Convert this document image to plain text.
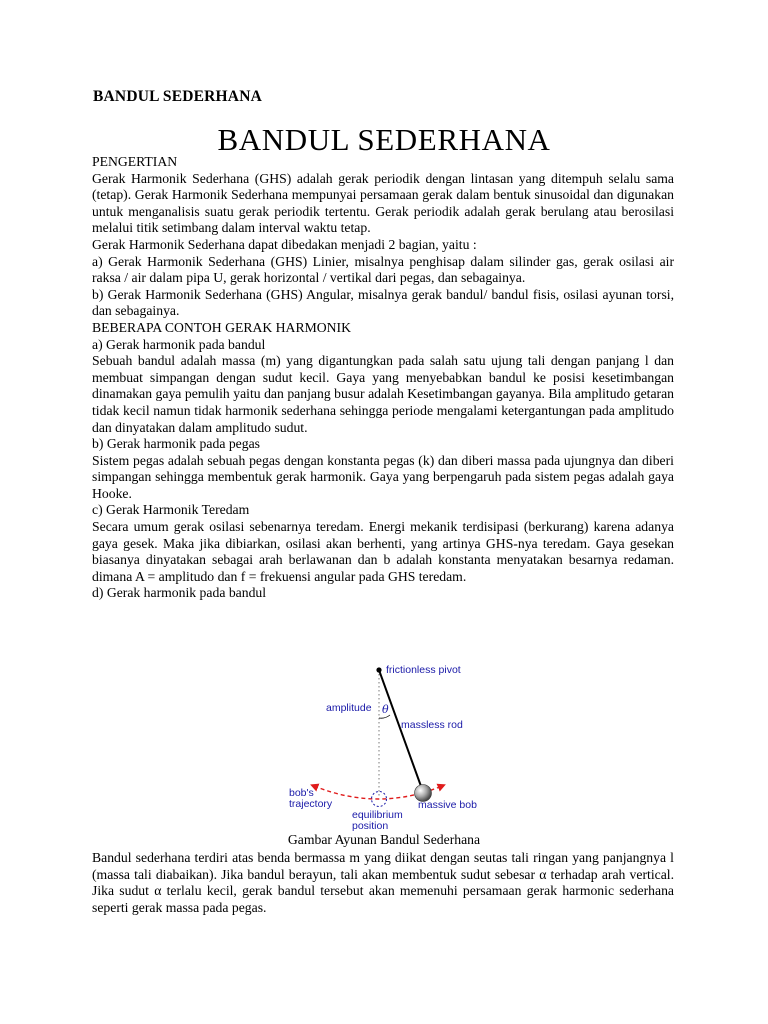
BANDUL SEDERHANA
BANDUL SEDERHANA

PENGERTIAN

Gerak Harmonik Sederhana (GHS) adalah gerak periodik dengan lintasan yang ditempuh selalu sama (tetap). Gerak Harmonik Sederhana mempunyai persamaan gerak dalam bentuk sinusoidal dan digunakan untuk menganalisis suatu gerak periodik tertentu. Gerak periodik adalah gerak berulang atau berosilasi melalui titik setimbang dalam interval waktu tetap.

Gerak Harmonik Sederhana dapat dibedakan menjadi 2 bagian, yaitu :

a) Gerak Harmonik Sederhana (GHS) Linier, misalnya penghisap dalam silinder gas, gerak osilasi air raksa / air dalam pipa U, gerak horizontal / vertikal dari pegas, dan sebagainya.

b) Gerak Harmonik Sederhana (GHS) Angular, misalnya gerak bandul/ bandul fisis, osilasi ayunan torsi, dan sebagainya.

BEBERAPA CONTOH GERAK HARMONIK

a) Gerak harmonik pada bandul

Sebuah bandul adalah massa (m) yang digantungkan pada salah satu ujung tali dengan panjang l dan membuat simpangan dengan sudut kecil. Gaya yang menyebabkan bandul ke posisi kesetimbangan dinamakan gaya pemulih yaitu dan panjang busur adalah Kesetimbangan gayanya. Bila amplitudo getaran tidak kecil namun tidak harmonik sederhana sehingga periode mengalami ketergantungan pada amplitudo dan dinyatakan dalam amplitudo sudut.

b) Gerak harmonik pada pegas

Sistem pegas adalah sebuah pegas dengan konstanta pegas (k) dan diberi massa pada ujungnya dan diberi simpangan sehingga membentuk gerak harmonik. Gaya yang berpengaruh pada sistem pegas adalah gaya Hooke.

c) Gerak Harmonik Teredam

Secara umum gerak osilasi sebenarnya teredam. Energi mekanik terdisipasi (berkurang) karena adanya gaya gesek. Maka jika dibiarkan, osilasi akan berhenti, yang artinya GHS-nya teredam. Gaya gesekan biasanya dinyatakan sebagai arah berlawanan dan b adalah konstanta menyatakan besarnya redaman. dimana A = amplitudo dan f = frekuensi angular pada GHS teredam.

d) Gerak harmonik pada bandul

frictionless pivot
amplitude θ
massless rod
bob's
trajectory	massive bob
equilibrium
position
Gambar Ayunan Bandul Sederhana

Bandul sederhana terdiri atas benda bermassa m yang diikat dengan seutas tali ringan yang panjangnya l (massa tali diabaikan). Jika bandul berayun, tali akan membentuk sudut sebesar α terhadap arah vertical. Jika sudut α terlalu kecil, gerak bandul tersebut akan memenuhi persamaan gerak harmonic sederhana seperti gerak massa pada pegas.
